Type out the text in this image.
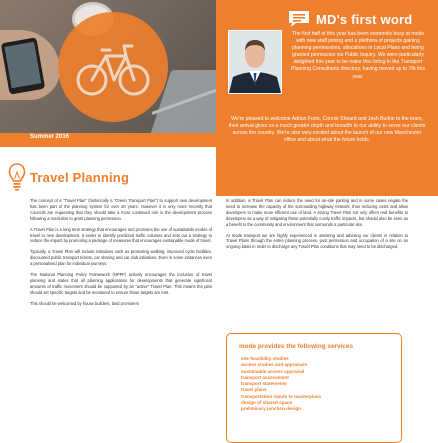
Summer 2016
MD's first word
The first half of this year has been extremely busy at mode with new staff joining and a plethora of projects gaining planning permissions, allocations in Local Plans and being granted permission via Public Inquiry. We were particularly delighted this year to be make this listing in the Transport Planning Consultants directory, having moved up to 7th this year.
We're pleased to welcome Adrian Forte, Connie Sheard and Josh Burkin to the team, their arrival gives us a much greater depth and breadth to our ability to serve our clients across the country. We're also very excited about the launch of our new Manchester office and about what the future holds.
Travel Planning

The concept of a "Travel Plan" (historically a "Green Transport Plan") to support new development has been part of the planning system for over 20 years. However it is only more recently that Councils are requesting that they should take a more continued role in the development process following a resolution to grant planning permission.

A Travel Plan is a long term strategy that encourages and promotes the use of sustainable modes of travel to new development. It seeks to identify predicted traffic volumes and sets out a strategy to reduce the impact by promoting a package of measures that encourages sustainable mode of travel.

Typically, a Travel Plan will include initiatives such as promoting walking, improved cycle facilities, discounted public transport tickets, car sharing and car club initiatives. Even in some instances even a personalised plan for individual journeys.

The National Planning Policy Framework (NPPF) actively encourages the inclusion of travel planning and states that all planning applications for developments that generate significant amounts of traffic movement should be supported by an "active" Travel Plan. This means the plan should set specific targets and be monitored to ensure those targets are met.

This should be welcomed by house builders, land promoters

In addition, a Travel Plan can reduce the need for on-site parking and in some cases negate the need to increase the capacity of the surrounding highway network, thus reducing costs and allow developers to make more efficient use of land. A strong Travel Plan not only offers real benefits to developers as a way of mitigating these potentially costly traffic impacts, but should also be seen as a benefit to the community and environment that surrounds a particular site.

At mode transport we are highly experienced in assisting and advising our clients in relation to Travel Plans through the entire planning process, post permission and occupation of a site on an ongoing basis in order to discharge any Travel Plan conditions that may need to be discharged.

mode provides the following services
site feasibility studies
access studies and appraisals
sustainable access appraisal
transport assessment
transport statements
travel plans
transportation inputs to masterplans
design of shared space
preliminary junction design
